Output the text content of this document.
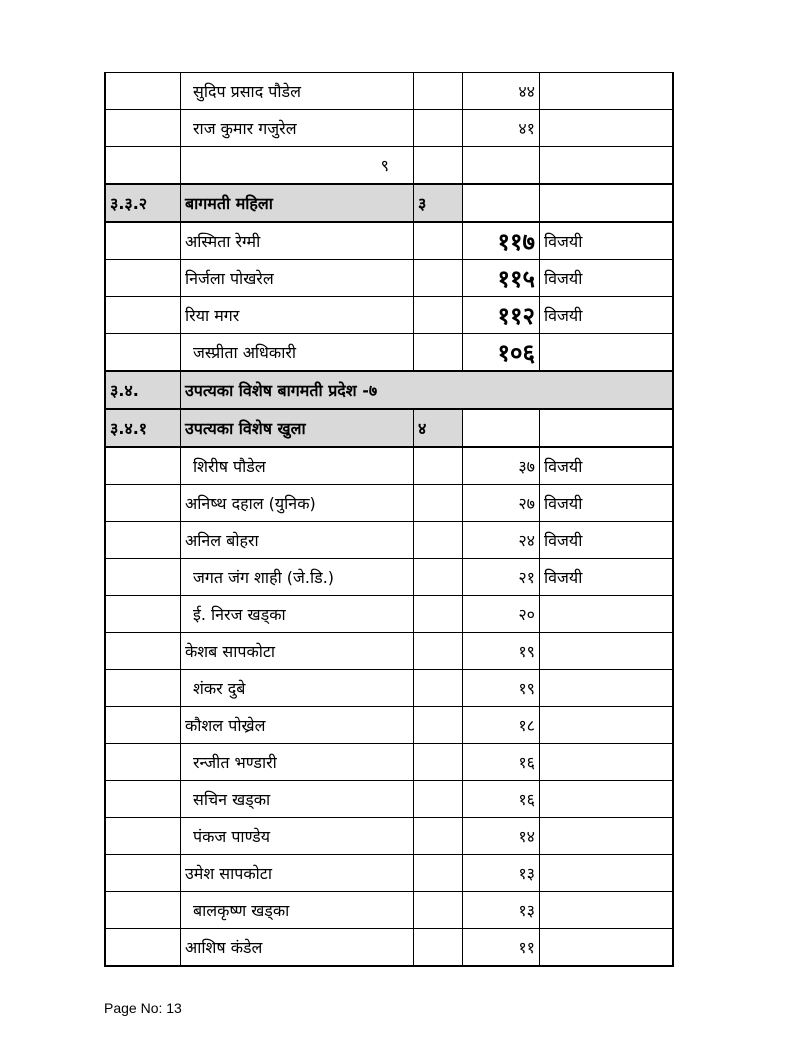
	सुदिप प्रसाद पौडेल		४४	
	राज कुमार गजुरेल		४१	
	९			
३.३.२	बागमती महिला	३		
	अस्मिता रेग्मी		११७	विजयी
	निर्जला पोखरेल		११५	विजयी
	रिया मगर		११२	विजयी
	जस्प्रीता अधिकारी		१०६	
३.४.	उपत्यका विशेष बागमती प्रदेश -७			
३.४.१	उपत्यका विशेष खुला	४		
	शिरीष पौडेल		३७	विजयी
	अनिष्थ दहाल (युनिक)		२७	विजयी
	अनिल बोहरा		२४	विजयी
	जगत जंग शाही (जे.डि.)		२१	विजयी
	ई. निरज खड्का		२०	
	केशब सापकोटा		१९	
	शंकर दुबे		१९	
	कौशल पोख्रेल		१८	
	रन्जीत भण्डारी		१६	
	सचिन खड्का		१६	
	पंकज पाण्डेय		१४	
	उमेश सापकोटा		१३	
	बालकृष्ण खड्का		१३	
	आशिष कंडेल		११	
Page No: 13
